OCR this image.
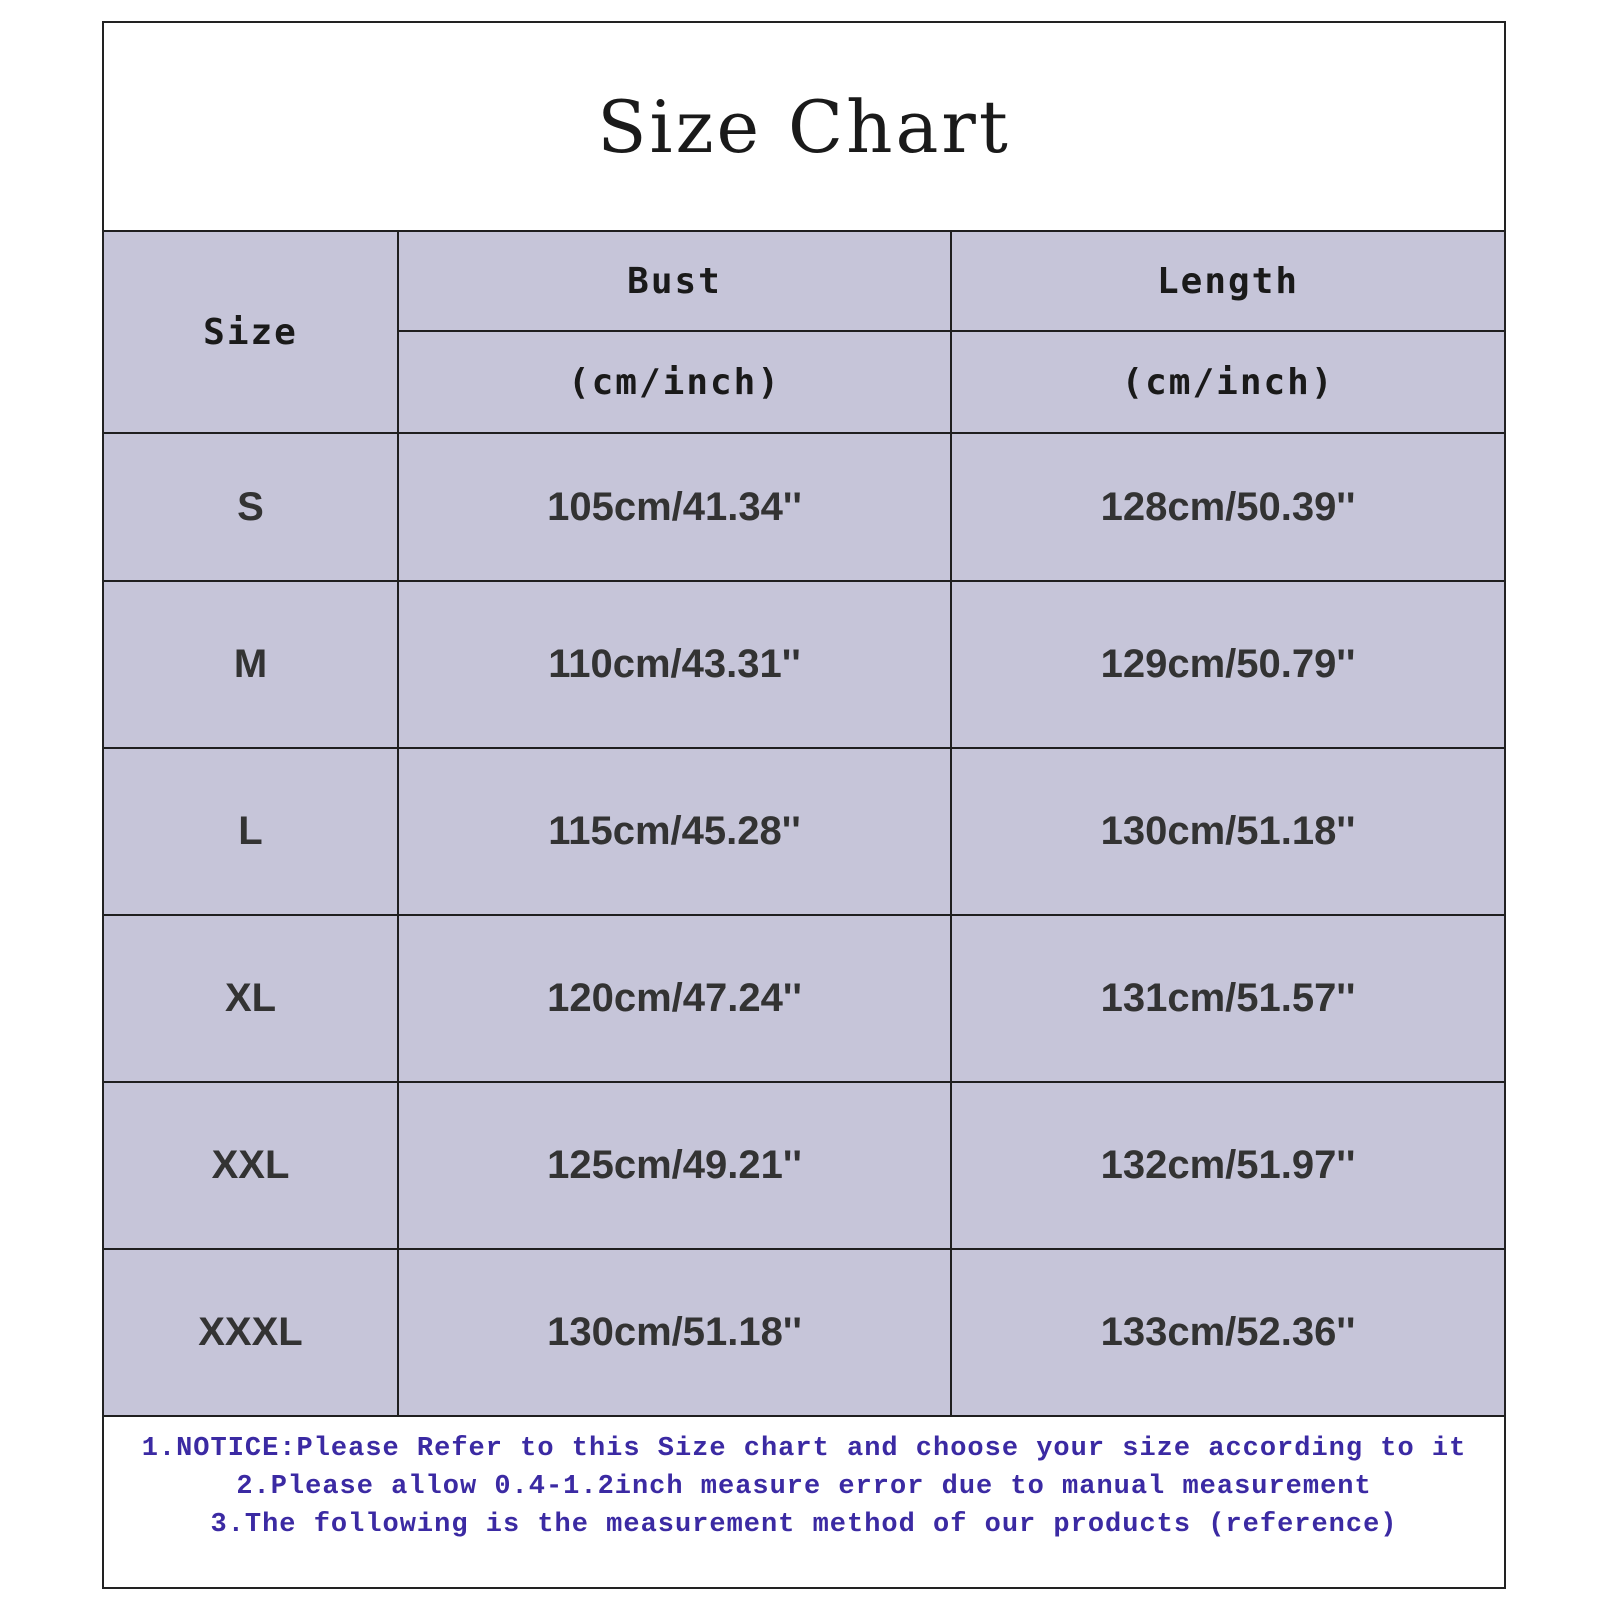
Size Chart
Size	Bust	Length
	(cm/inch)	(cm/inch)
S	105cm/41.34''	128cm/50.39''
M	110cm/43.31''	129cm/50.79''
L	115cm/45.28''	130cm/51.18''
XL	120cm/47.24''	131cm/51.57''
XXL	125cm/49.21''	132cm/51.97''
XXXL	130cm/51.18''	133cm/52.36''
1.NOTICE:Please Refer to this Size chart and choose your size according to it
2.Please allow 0.4-1.2inch measure error due to manual measurement
3.The following is the measurement method of our products (reference)
